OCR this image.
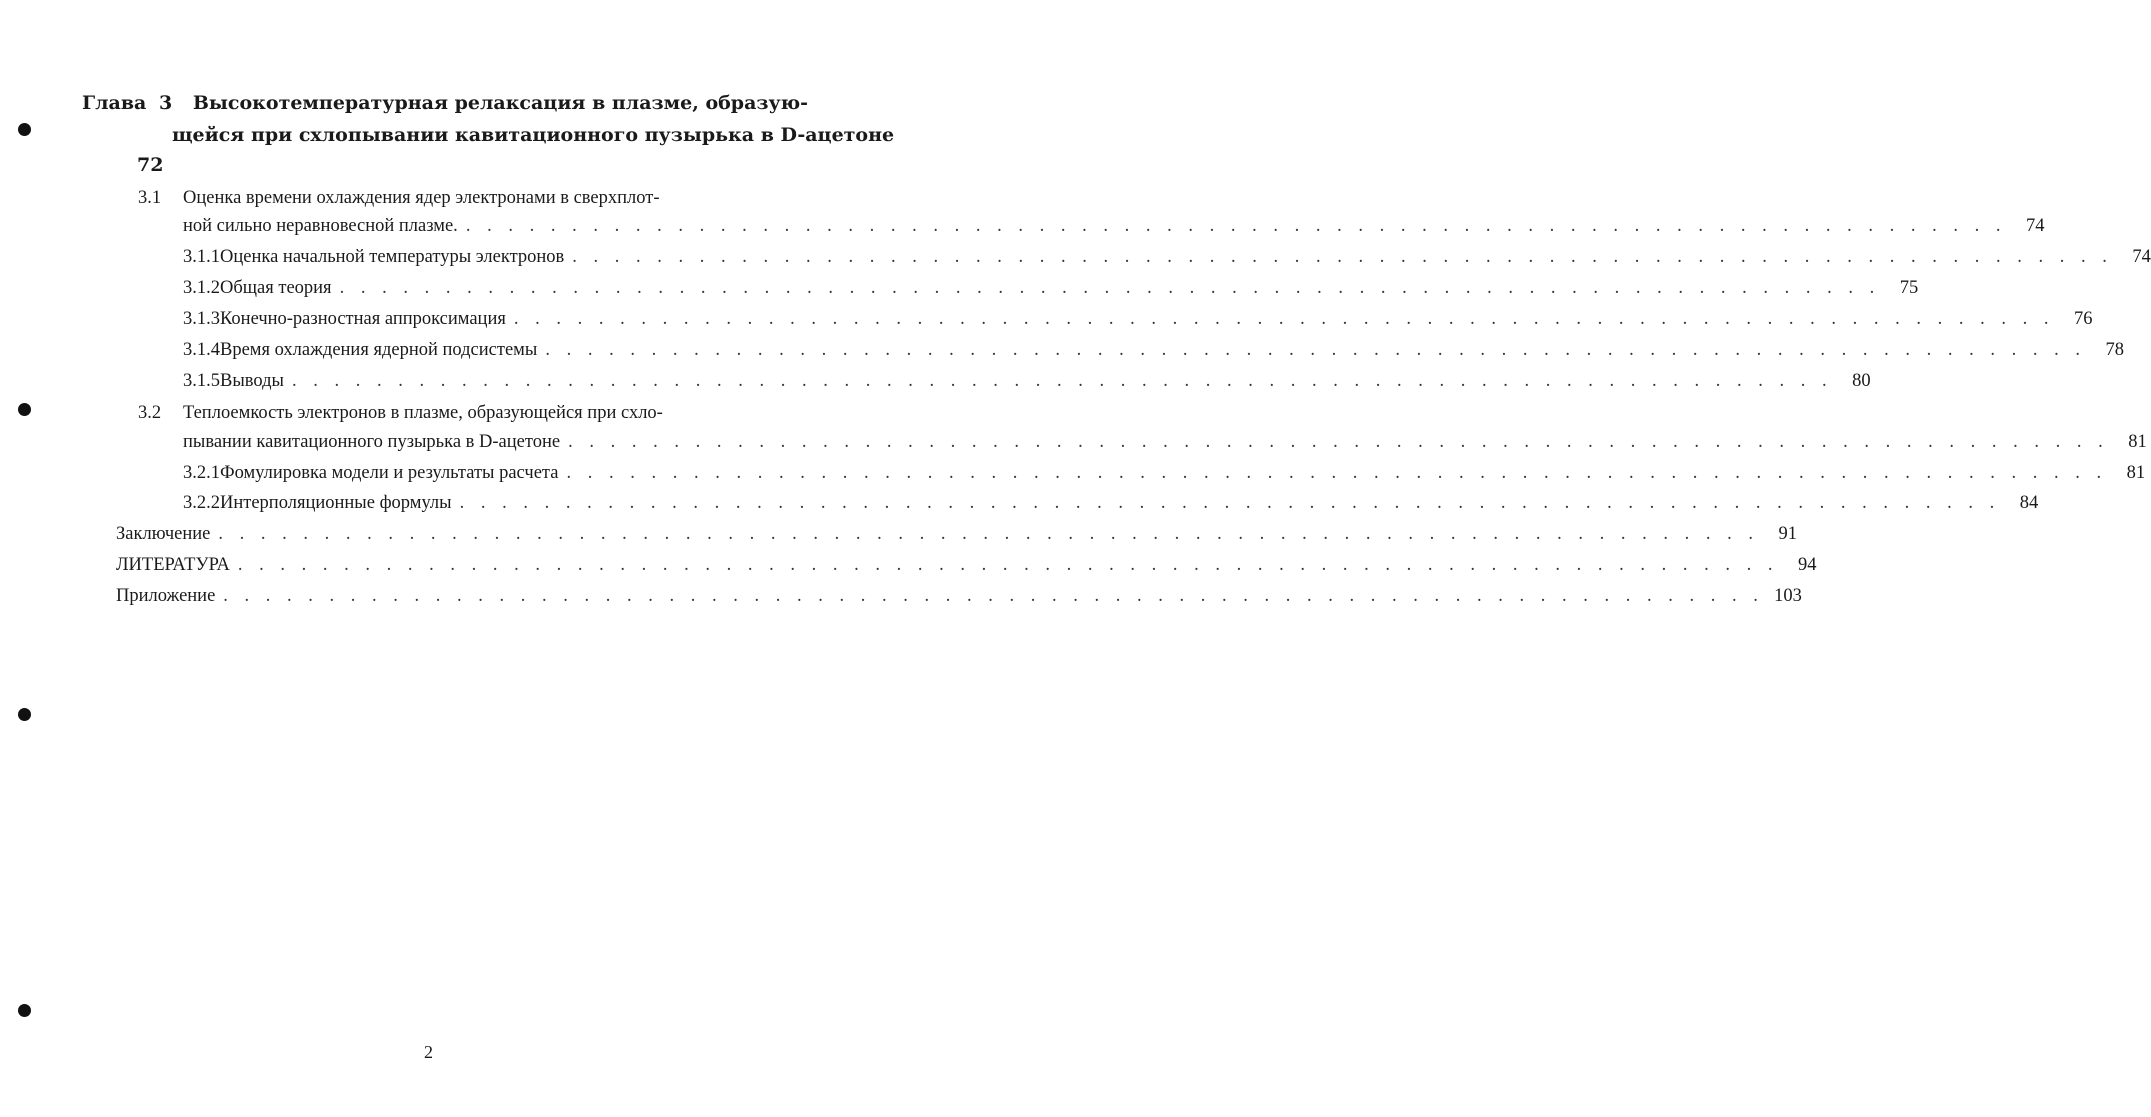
Глава 3 Высокотемпературная релаксация в плазме, образую-
щейся при схлопывании кавитационного пузырька в D-ацетоне
72
3.1 Оценка времени охлаждения ядер электронами в сверхплот-
ной сильно неравновесной плазме. . . .	74
3.1.1 Оценка начальной температуры электронов . . .	74
3.1.2 Общая теория . . .	75
3.1.3 Конечно-разностная аппроксимация . . .	76
3.1.4 Время охлаждения ядерной подсистемы . . .	78
3.1.5 Выводы . . .	80
3.2 Теплоемкость электронов в плазме, образующейся при схло-
пывании кавитационного пузырька в D-ацетоне . . .	81
3.2.1 Фомулировка модели и результаты расчета . . .	81
3.2.2 Интерполяционные формулы . . .	84
Заключение . . .	91
ЛИТЕРАТУРА . . .	94
Приложение . . .	103
2
